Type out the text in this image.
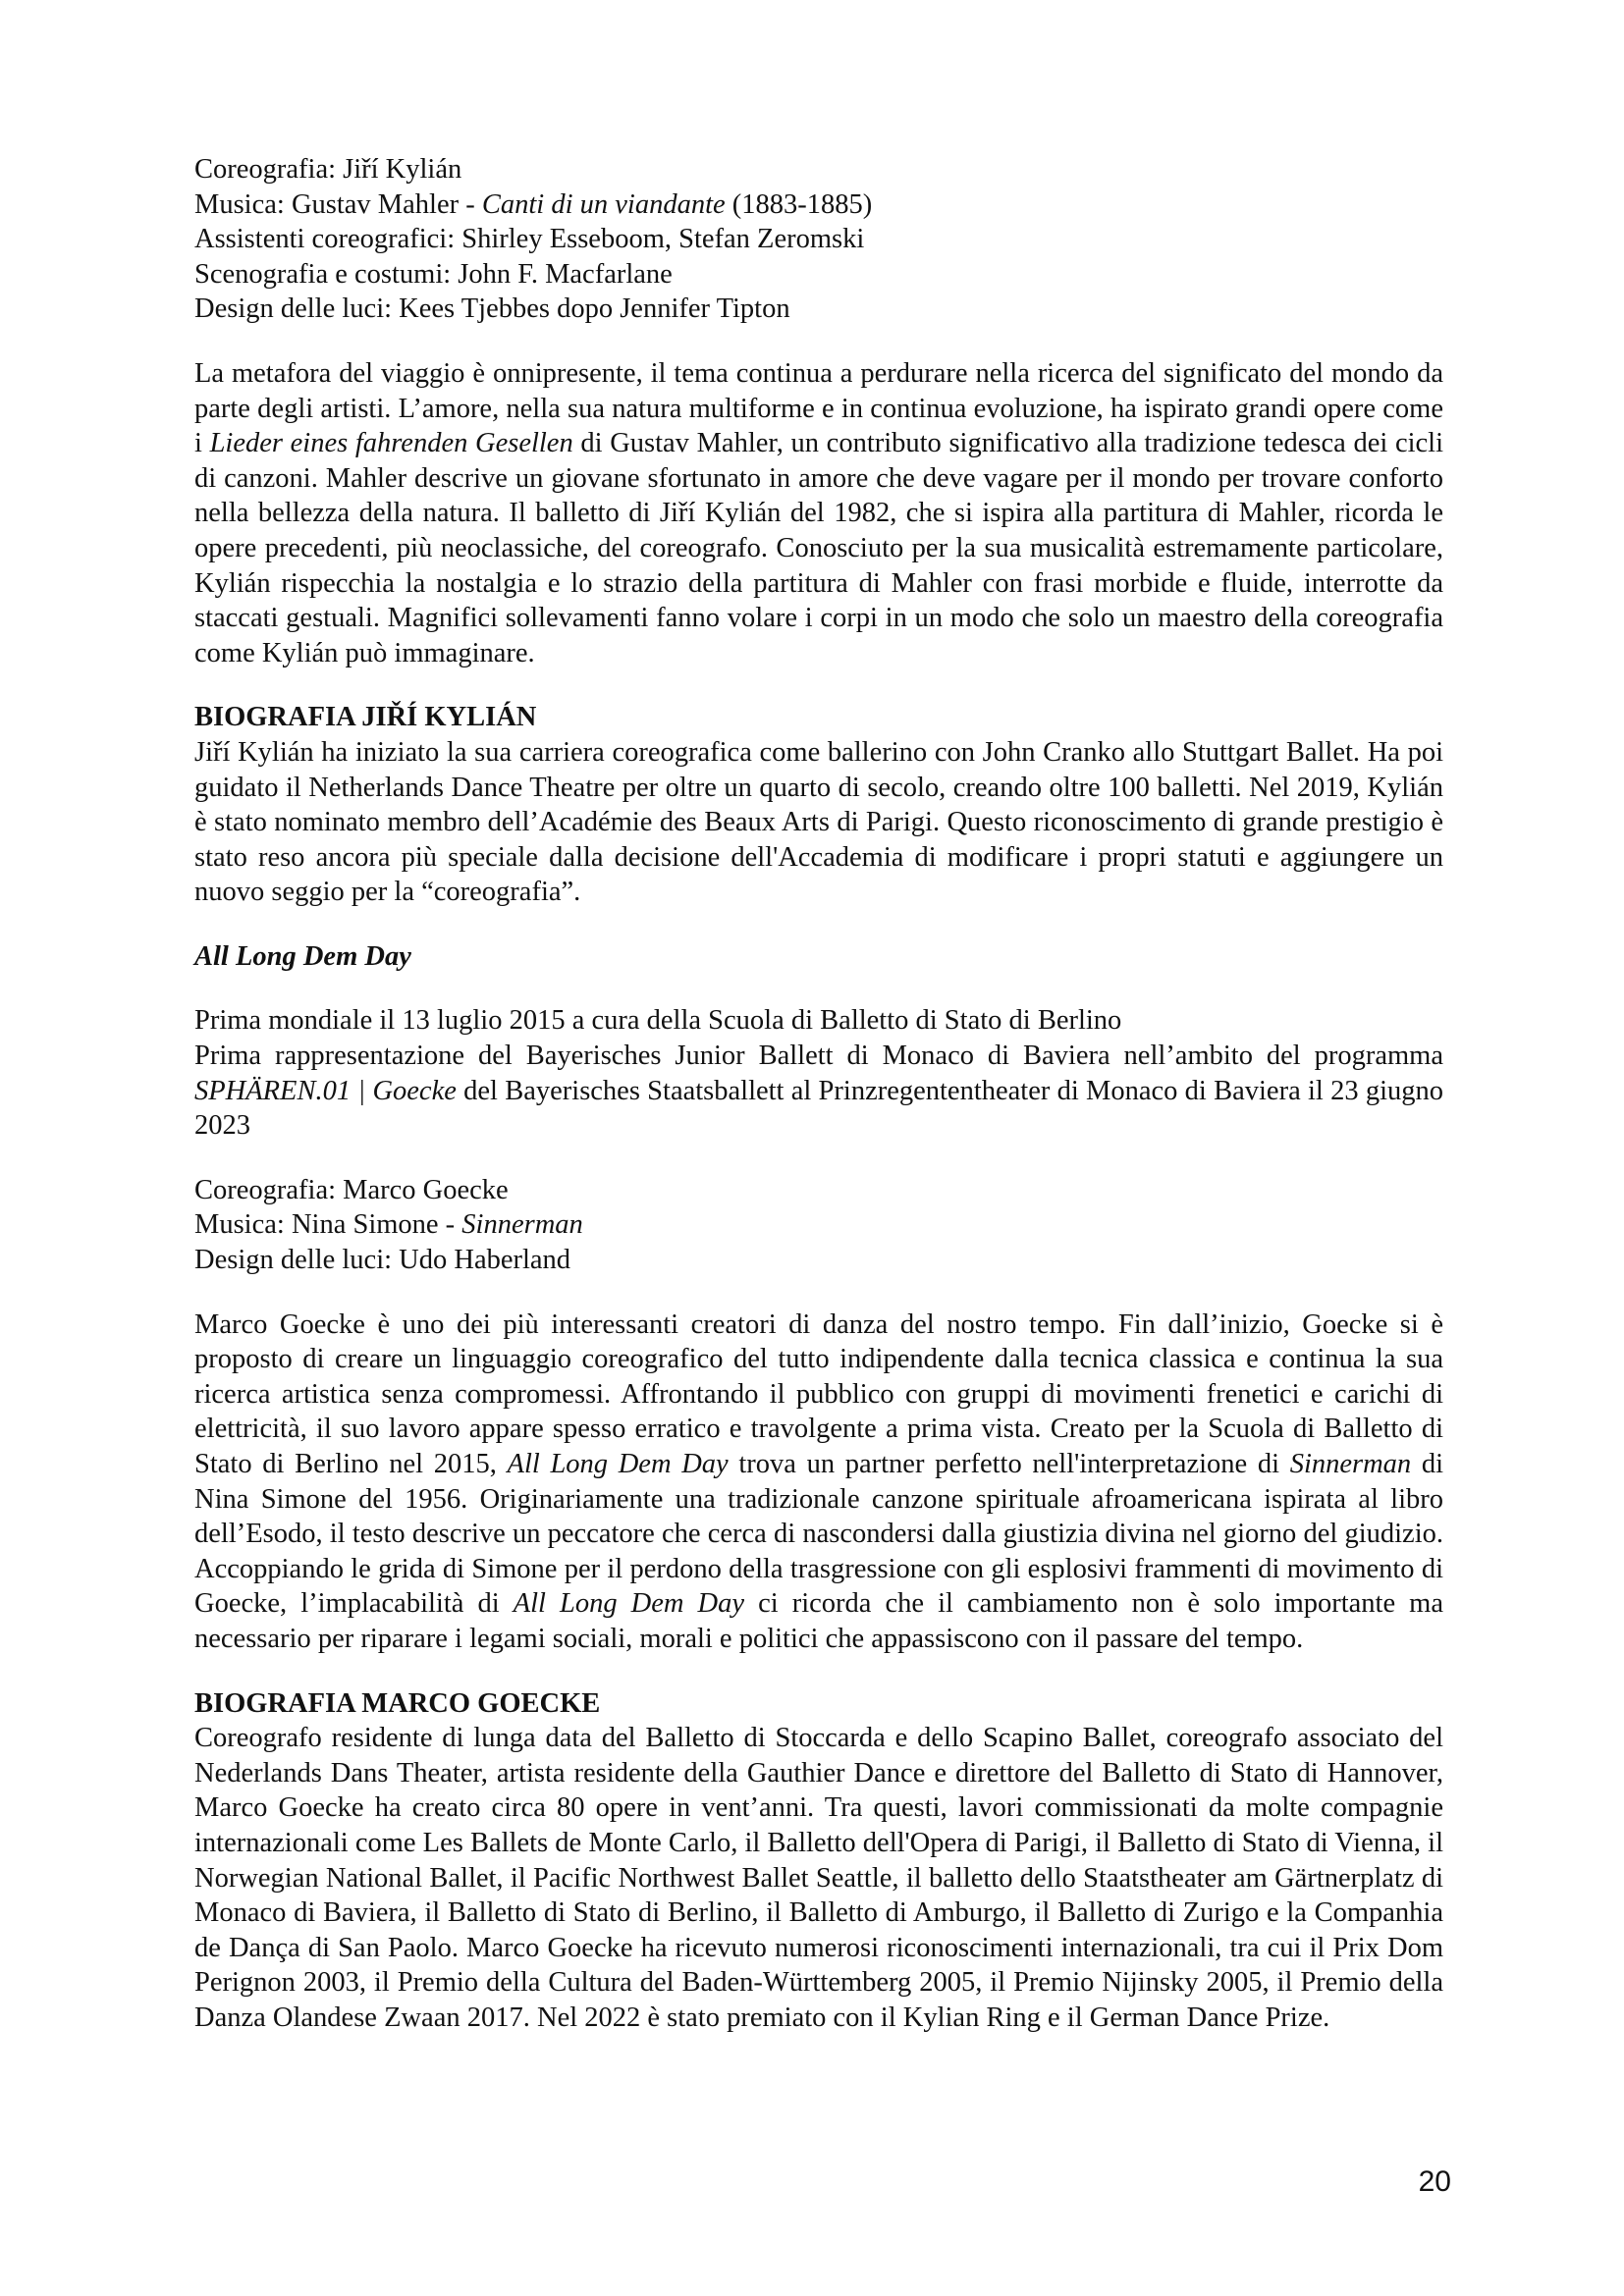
Coreografia: Jiří Kylián
Musica: Gustav Mahler - Canti di un viandante (1883-1885)
Assistenti coreografici: Shirley Esseboom, Stefan Zeromski
Scenografia e costumi: John F. Macfarlane
Design delle luci: Kees Tjebbes dopo Jennifer Tipton

La metafora del viaggio è onnipresente, il tema continua a perdurare nella ricerca del significato del mondo da parte degli artisti. L’amore, nella sua natura multiforme e in continua evoluzione, ha ispirato grandi opere come i Lieder eines fahrenden Gesellen di Gustav Mahler, un contributo significativo alla tradizione tedesca dei cicli di canzoni. Mahler descrive un giovane sfortunato in amore che deve vagare per il mondo per trovare conforto nella bellezza della natura. Il balletto di Jiří Kylián del 1982, che si ispira alla partitura di Mahler, ricorda le opere precedenti, più neoclassiche, del coreografo. Conosciuto per la sua musicalità estremamente particolare, Kylián rispecchia la nostalgia e lo strazio della partitura di Mahler con frasi morbide e fluide, interrotte da staccati gestuali. Magnifici sollevamenti fanno volare i corpi in un modo che solo un maestro della coreografia come Kylián può immaginare.

BIOGRAFIA JIŘÍ KYLIÁN

Jiří Kylián ha iniziato la sua carriera coreografica come ballerino con John Cranko allo Stuttgart Ballet. Ha poi guidato il Netherlands Dance Theatre per oltre un quarto di secolo, creando oltre 100 balletti. Nel 2019, Kylián è stato nominato membro dell’Académie des Beaux Arts di Parigi. Questo riconoscimento di grande prestigio è stato reso ancora più speciale dalla decisione dell'Accademia di modificare i propri statuti e aggiungere un nuovo seggio per la “coreografia”.

All Long Dem Day

Prima mondiale il 13 luglio 2015 a cura della Scuola di Balletto di Stato di Berlino
Prima rappresentazione del Bayerisches Junior Ballett di Monaco di Baviera nell’ambito del programma SPHÄREN.01 | Goecke del Bayerisches Staatsballett al Prinzregententheater di Monaco di Baviera il 23 giugno 2023

Coreografia: Marco Goecke
Musica: Nina Simone - Sinnerman
Design delle luci: Udo Haberland

Marco Goecke è uno dei più interessanti creatori di danza del nostro tempo. Fin dall’inizio, Goecke si è proposto di creare un linguaggio coreografico del tutto indipendente dalla tecnica classica e continua la sua ricerca artistica senza compromessi. Affrontando il pubblico con gruppi di movimenti frenetici e carichi di elettricità, il suo lavoro appare spesso erratico e travolgente a prima vista. Creato per la Scuola di Balletto di Stato di Berlino nel 2015, All Long Dem Day trova un partner perfetto nell'interpretazione di Sinnerman di Nina Simone del 1956. Originariamente una tradizionale canzone spirituale afroamericana ispirata al libro dell’Esodo, il testo descrive un peccatore che cerca di nascondersi dalla giustizia divina nel giorno del giudizio. Accoppiando le grida di Simone per il perdono della trasgressione con gli esplosivi frammenti di movimento di Goecke, l’implacabilità di All Long Dem Day ci ricorda che il cambiamento non è solo importante ma necessario per riparare i legami sociali, morali e politici che appassiscono con il passare del tempo.

BIOGRAFIA MARCO GOECKE

Coreografo residente di lunga data del Balletto di Stoccarda e dello Scapino Ballet, coreografo associato del Nederlands Dans Theater, artista residente della Gauthier Dance e direttore del Balletto di Stato di Hannover, Marco Goecke ha creato circa 80 opere in vent’anni. Tra questi, lavori commissionati da molte compagnie internazionali come Les Ballets de Monte Carlo, il Balletto dell'Opera di Parigi, il Balletto di Stato di Vienna, il Norwegian National Ballet, il Pacific Northwest Ballet Seattle, il balletto dello Staatstheater am Gärtnerplatz di Monaco di Baviera, il Balletto di Stato di Berlino, il Balletto di Amburgo, il Balletto di Zurigo e la Companhia de Dança di San Paolo. Marco Goecke ha ricevuto numerosi riconoscimenti internazionali, tra cui il Prix Dom Perignon 2003, il Premio della Cultura del Baden-Württemberg 2005, il Premio Nijinsky 2005, il Premio della Danza Olandese Zwaan 2017. Nel 2022 è stato premiato con il Kylian Ring e il German Dance Prize.

20
